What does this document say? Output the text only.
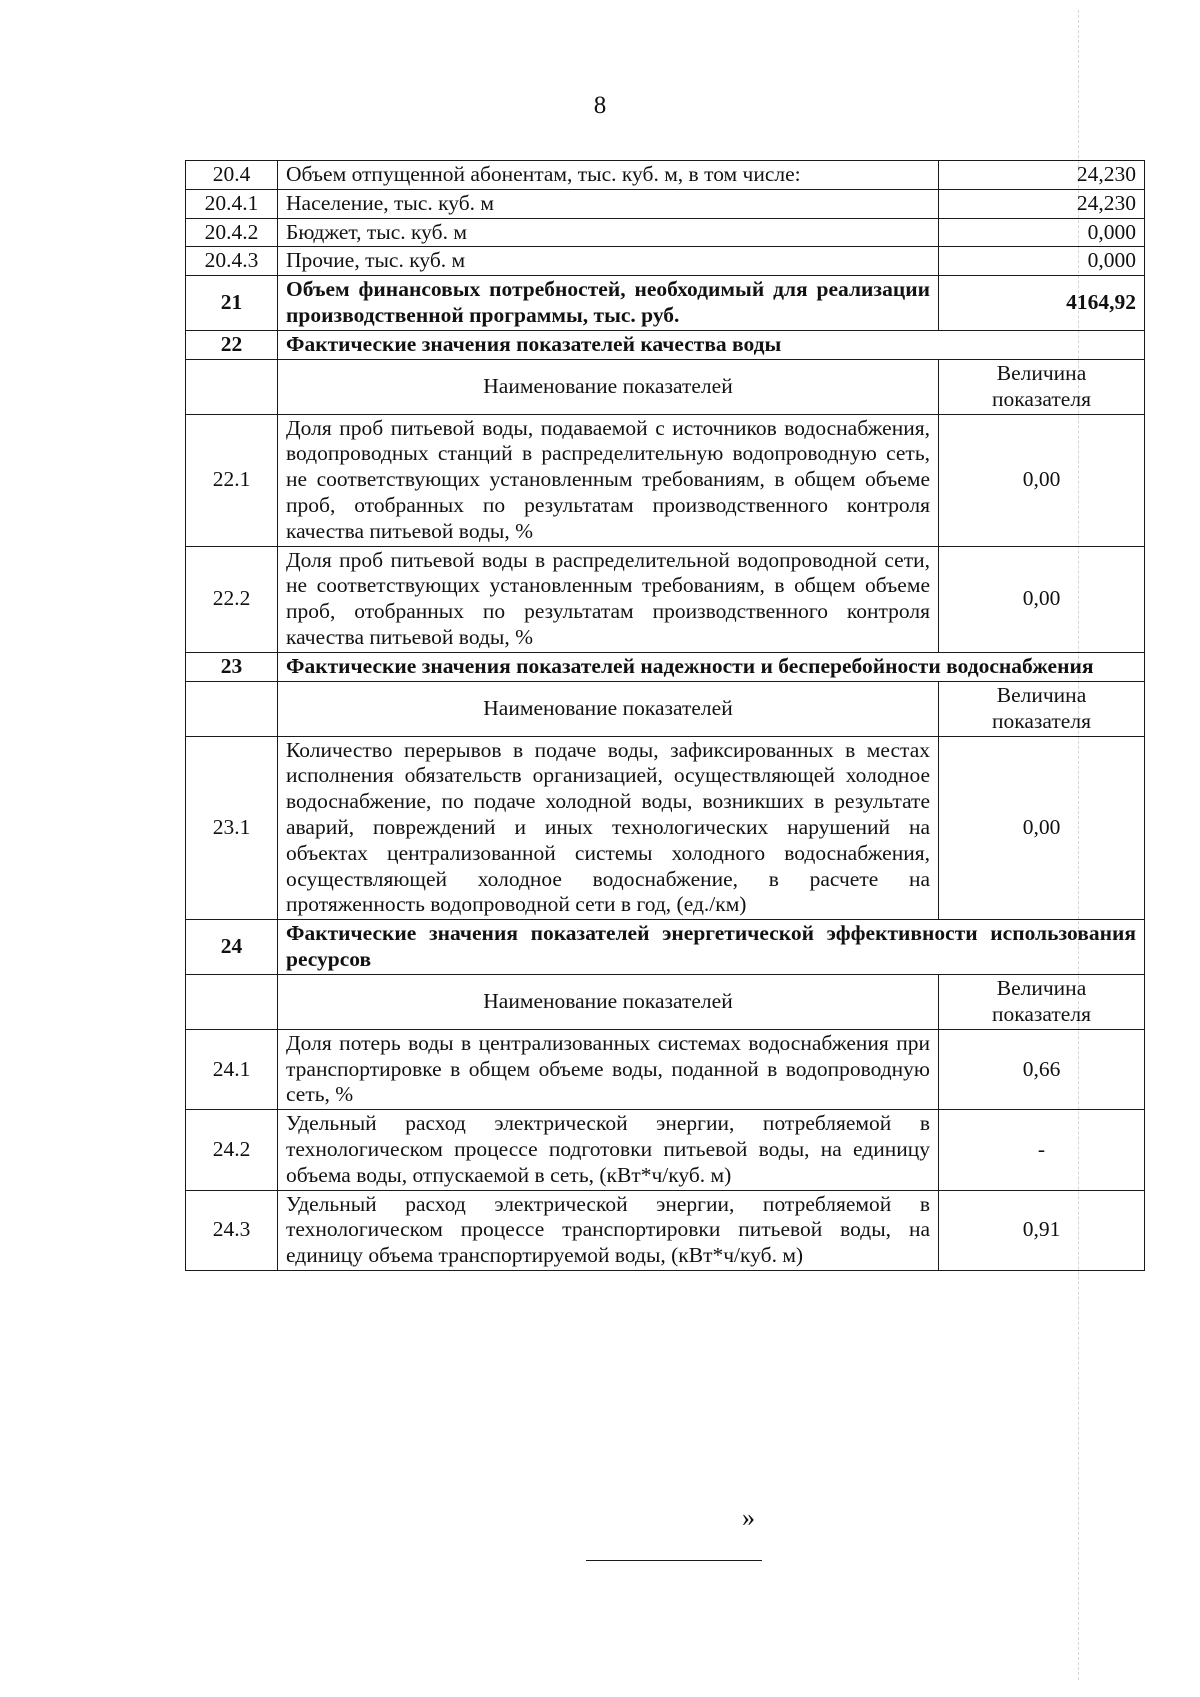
8
20.4	Объем отпущенной абонентам, тыс. куб. м, в том числе:	24,230
20.4.1	Население, тыс. куб. м	24,230
20.4.2	Бюджет, тыс. куб. м	0,000
20.4.3	Прочие, тыс. куб. м	0,000
21	Объем финансовых потребностей, необходимый для реализации производственной программы, тыс. руб.	4164,92
22	Фактические значения показателей качества воды	
	Наименование показателей	Величина показателя
22.1	Доля проб питьевой воды, подаваемой с источников водоснабжения, водопроводных станций в распределительную водопроводную сеть, не соответствующих установленным требованиям, в общем объеме проб, отобранных по результатам производственного контроля качества питьевой воды, %	0,00
22.2	Доля проб питьевой воды в распределительной водопроводной сети, не соответствующих установленным требованиям, в общем объеме проб, отобранных по результатам производственного контроля качества питьевой воды, %	0,00
23	Фактические значения показателей надежности и бесперебойности водоснабжения	
	Наименование показателей	Величина показателя
23.1	Количество перерывов в подаче воды, зафиксированных в местах исполнения обязательств организацией, осуществляющей холодное водоснабжение, по подаче холодной воды, возникших в результате аварий, повреждений и иных технологических нарушений на объектах централизованной системы холодного водоснабжения, осуществляющей холодное водоснабжение, в расчете на протяженность водопроводной сети в год, (ед./км)	0,00
24	Фактические значения показателей энергетической эффективности использования ресурсов	
	Наименование показателей	Величина показателя
24.1	Доля потерь воды в централизованных системах водоснабжения при транспортировке в общем объеме воды, поданной в водопроводную сеть, %	0,66
24.2	Удельный расход электрической энергии, потребляемой в технологическом процессе подготовки питьевой воды, на единицу объема воды, отпускаемой в сеть, (кВт*ч/куб. м)	-
24.3	Удельный расход электрической энергии, потребляемой в технологическом процессе транспортировки питьевой воды, на единицу объема транспортируемой воды, (кВт*ч/куб. м)	0,91
»
